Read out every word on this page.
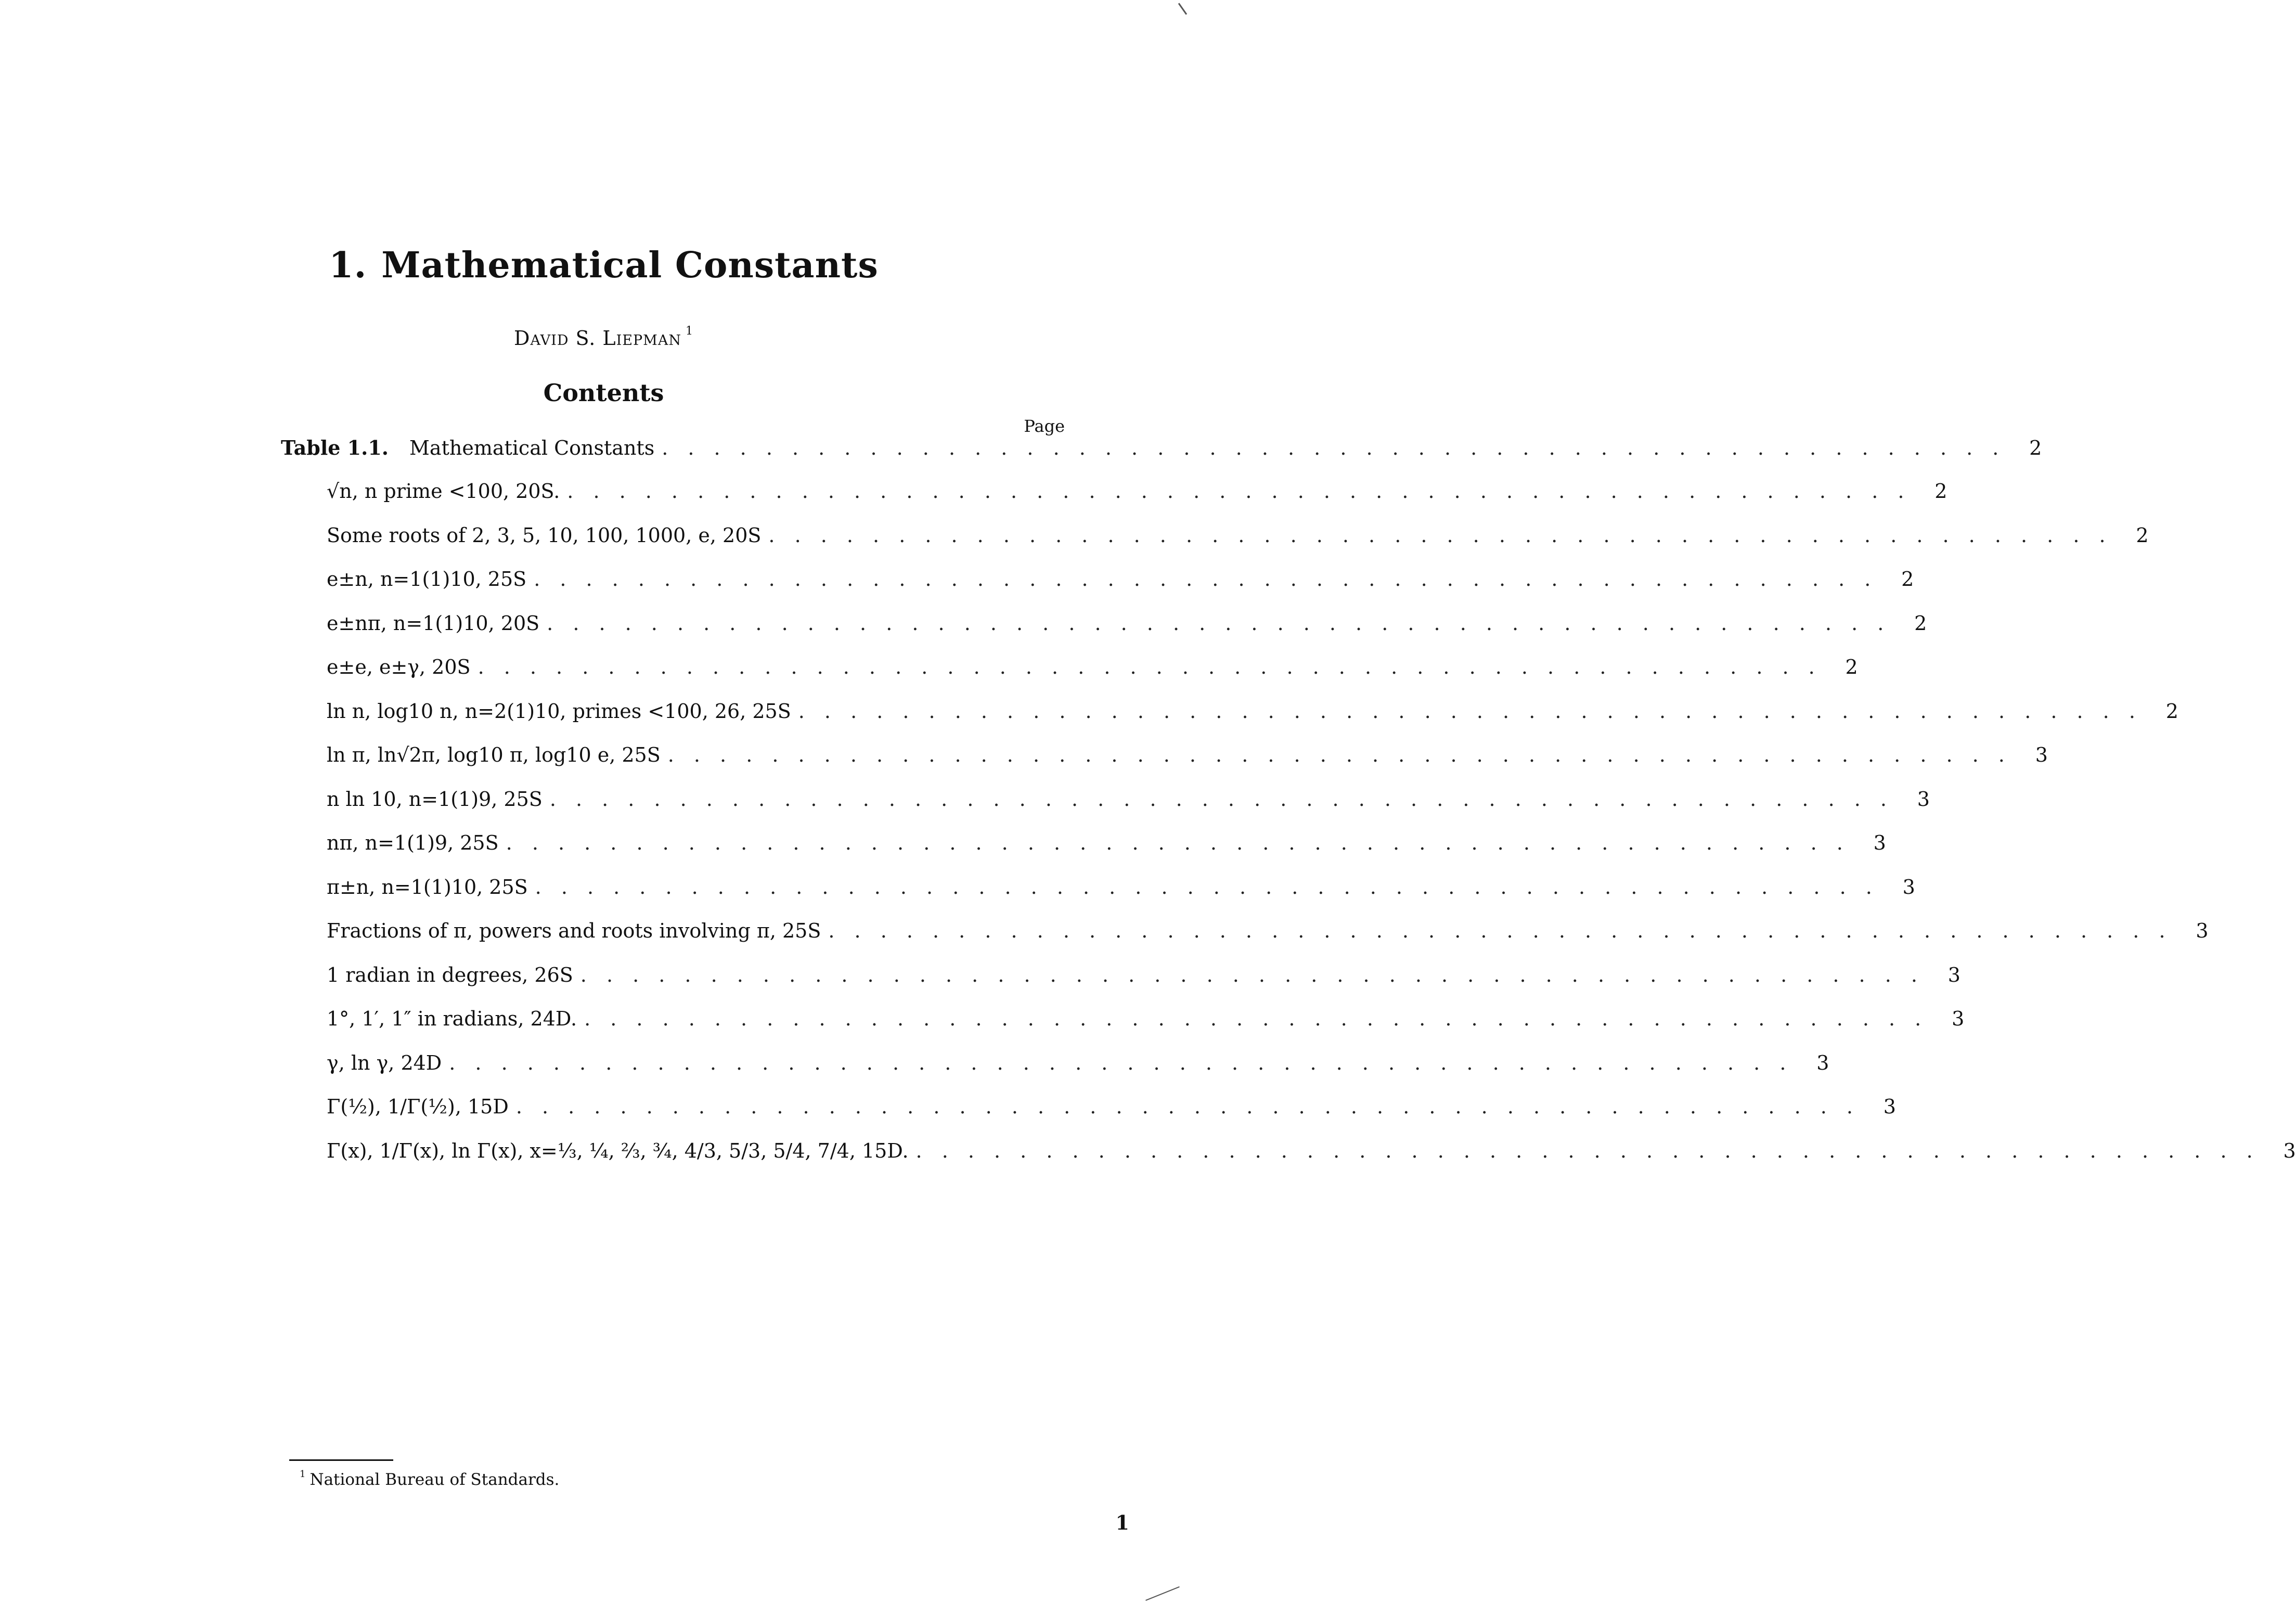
1. Mathematical Constants
David S. Liepman $^1$
Contents
Page
Table 1.1. Mathematical Constants . . . . . . . . . . . . . . . . . . . . . . . . . . . . . . . . . . . . . . . . . . . . . . . . . . . .	2
√n, n prime <100, 20S. . . . . . . . . . . . . . . . . . . . . . . . . . . . . . . . . . . . . . . . . . . . . . . . . . . . .	2
Some roots of 2, 3, 5, 10, 100, 1000, e, 20S . . . . . . . . . . . . . . . . . . . . . . . . . . . . . . . . . . . . . . . . . . . . . . . . . . . .	2
e±n, n=1(1)10, 25S . . . . . . . . . . . . . . . . . . . . . . . . . . . . . . . . . . . . . . . . . . . . . . . . . . . .	2
e±nπ, n=1(1)10, 20S . . . . . . . . . . . . . . . . . . . . . . . . . . . . . . . . . . . . . . . . . . . . . . . . . . . .	2
e±e, e±γ, 20S . . . . . . . . . . . . . . . . . . . . . . . . . . . . . . . . . . . . . . . . . . . . . . . . . . . .	2
ln n, log10 n, n=2(1)10, primes <100, 26, 25S . . . . . . . . . . . . . . . . . . . . . . . . . . . . . . . . . . . . . . . . . . . . . . . . . . . .	2
ln π, ln√2π, log10 π, log10 e, 25S . . . . . . . . . . . . . . . . . . . . . . . . . . . . . . . . . . . . . . . . . . . . . . . . . . . .	3
n ln 10, n=1(1)9, 25S . . . . . . . . . . . . . . . . . . . . . . . . . . . . . . . . . . . . . . . . . . . . . . . . . . . .	3
nπ, n=1(1)9, 25S . . . . . . . . . . . . . . . . . . . . . . . . . . . . . . . . . . . . . . . . . . . . . . . . . . . .	3
π±n, n=1(1)10, 25S . . . . . . . . . . . . . . . . . . . . . . . . . . . . . . . . . . . . . . . . . . . . . . . . . . . .	3
Fractions of π, powers and roots involving π, 25S . . . . . . . . . . . . . . . . . . . . . . . . . . . . . . . . . . . . . . . . . . . . . . . . . . . .	3
1 radian in degrees, 26S . . . . . . . . . . . . . . . . . . . . . . . . . . . . . . . . . . . . . . . . . . . . . . . . . . . .	3
1°, 1′, 1″ in radians, 24D. . . . . . . . . . . . . . . . . . . . . . . . . . . . . . . . . . . . . . . . . . . . . . . . . . . . .	3
γ, ln γ, 24D . . . . . . . . . . . . . . . . . . . . . . . . . . . . . . . . . . . . . . . . . . . . . . . . . . . .	3
Γ(½), 1/Γ(½), 15D . . . . . . . . . . . . . . . . . . . . . . . . . . . . . . . . . . . . . . . . . . . . . . . . . . . .	3
Γ(x), 1/Γ(x), ln Γ(x), x=⅓, ¼, ⅔, ¾, 4/3, 5/3, 5/4, 7/4, 15D. . . . . . . . . . . . . . . . . . . . . . . . . . . . . . . . . . . . . . . . . . . . . . . . . . . . .	3
$^1$ National Bureau of Standards.
1
